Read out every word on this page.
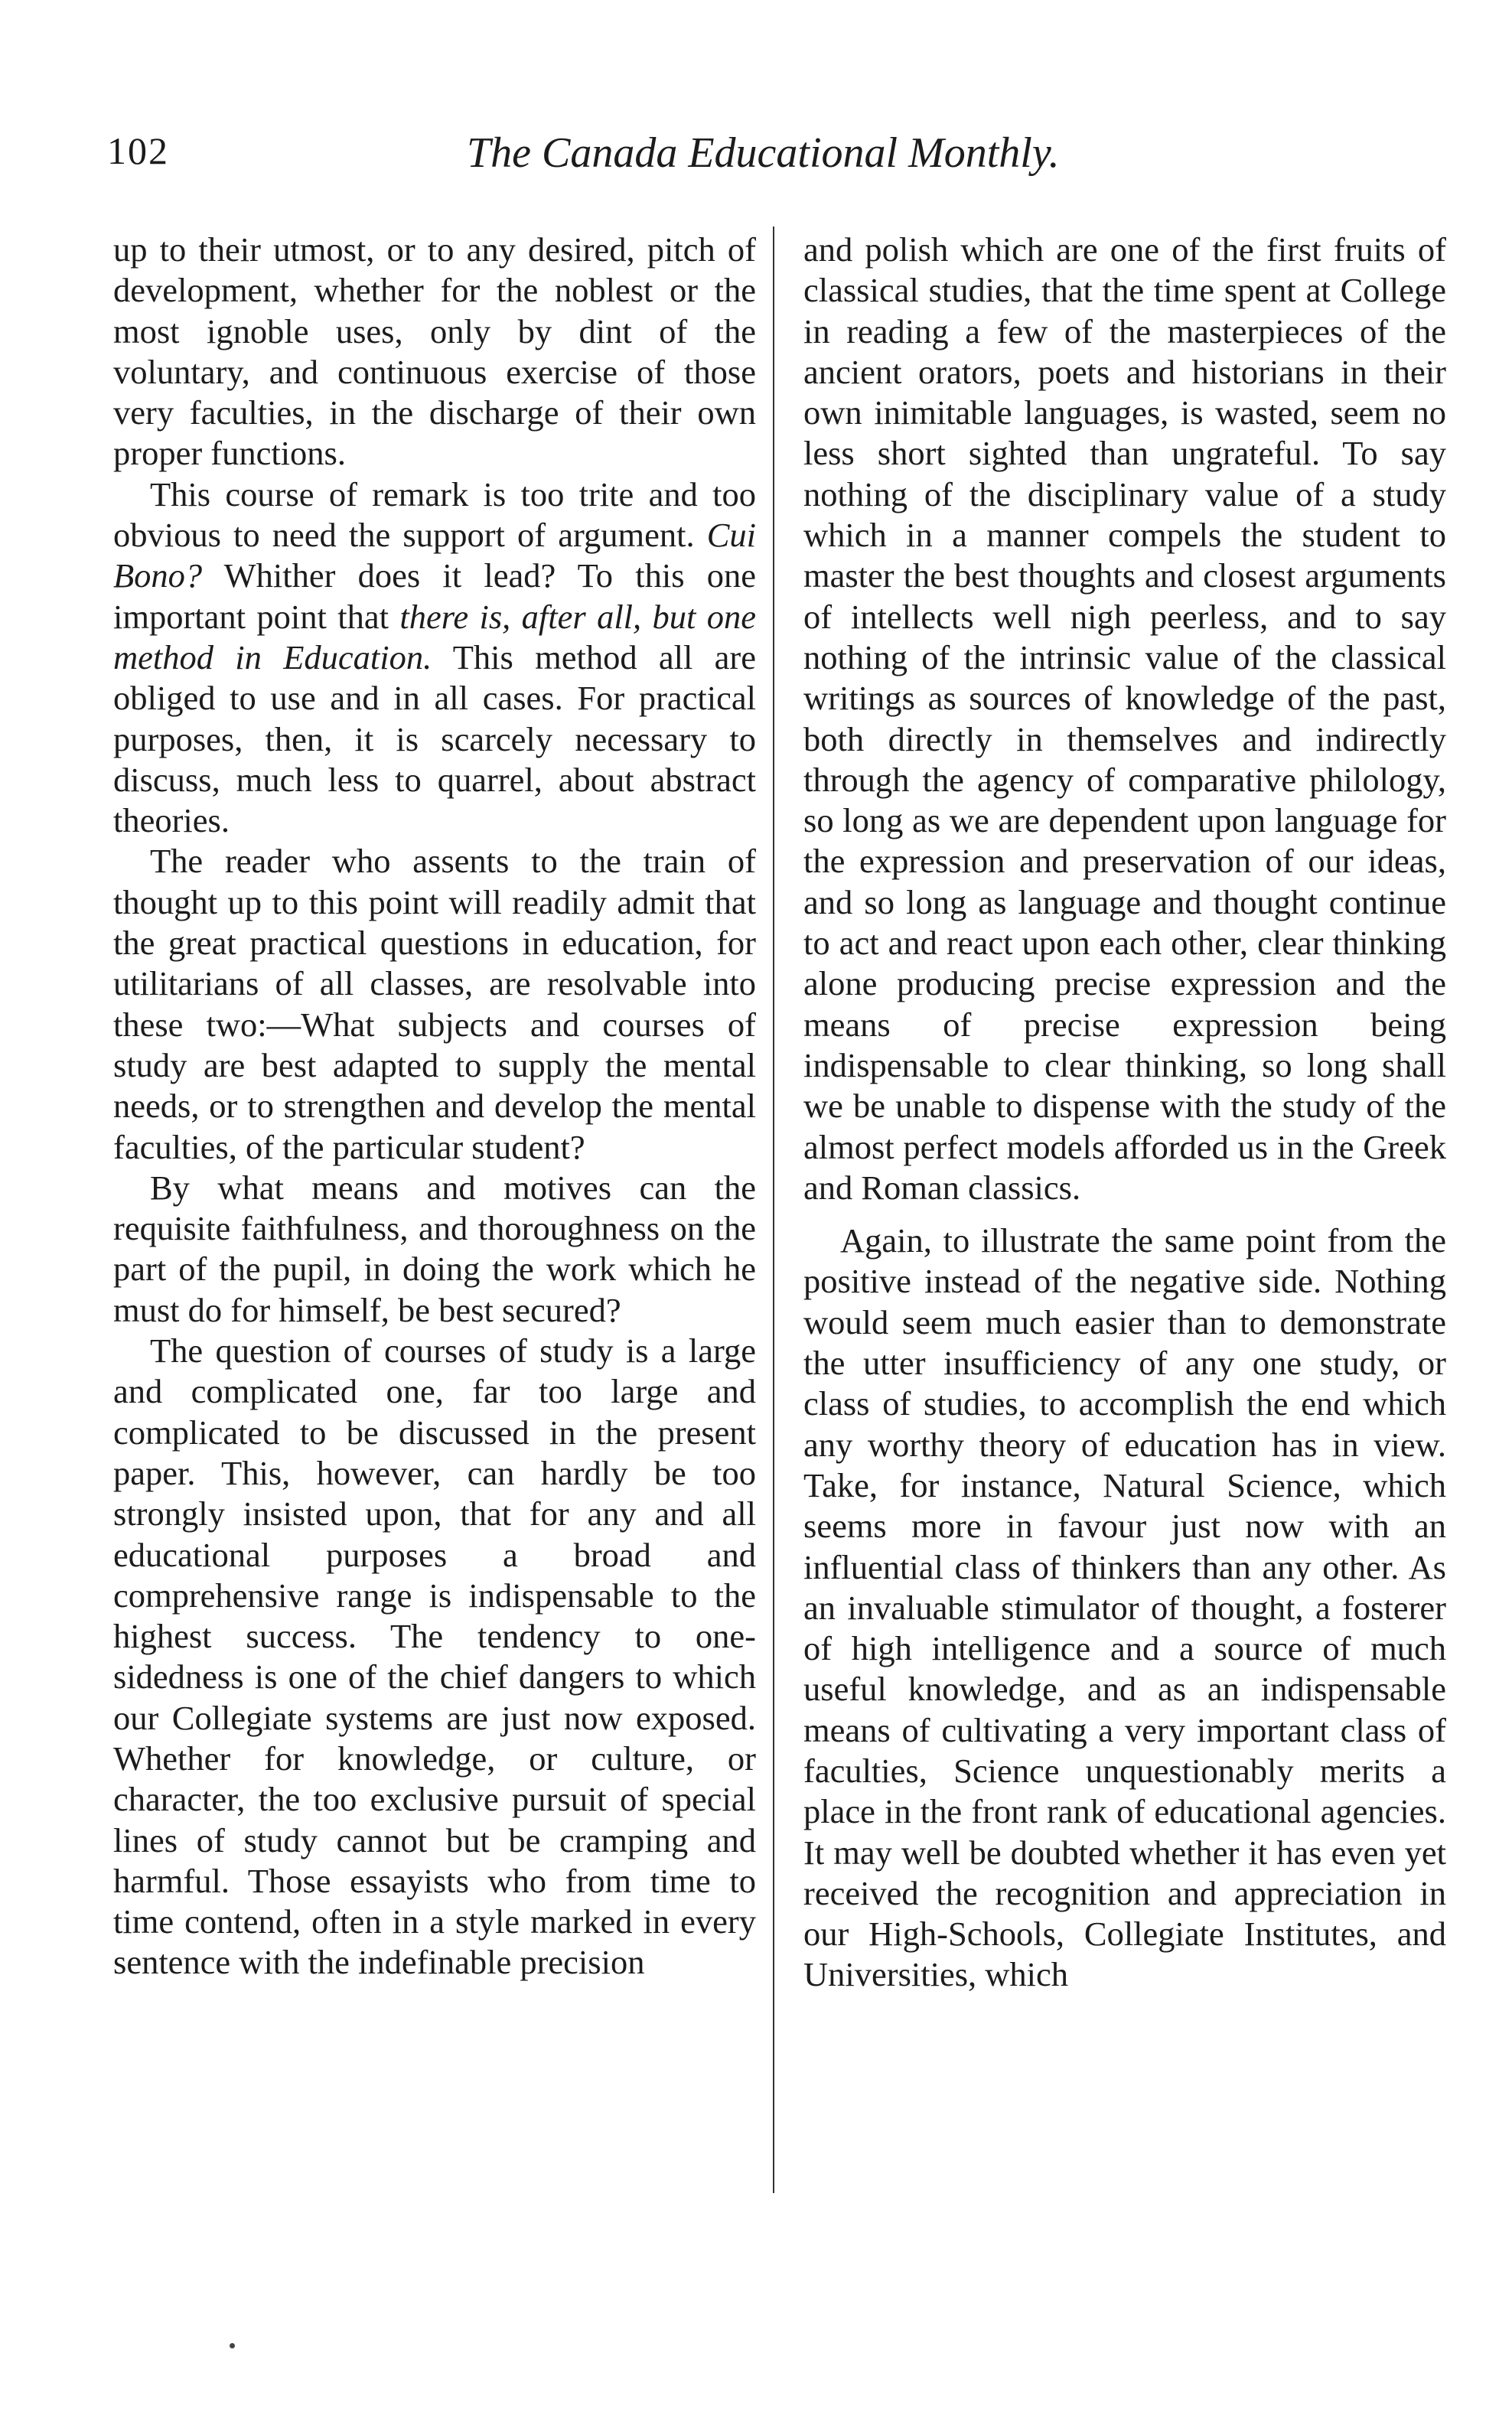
102	The Canada Educational Monthly.

up to their utmost, or to any desired, pitch of development, whether for the noblest or the most ignoble uses, only by dint of the voluntary, and continuous exercise of those very faculties, in the discharge of their own proper functions.

This course of remark is too trite and too obvious to need the support of argument. Cui Bono? Whither does it lead? To this one important point that there is, after all, but one method in Education. This method all are obliged to use and in all cases. For practical purposes, then, it is scarcely necessary to discuss, much less to quarrel, about abstract theories.

The reader who assents to the train of thought up to this point will readily admit that the great practical questions in education, for utilitarians of all classes, are resolvable into these two:—What subjects and courses of study are best adapted to supply the mental needs, or to strengthen and develop the mental faculties, of the particular student?

By what means and motives can the requisite faithfulness, and thoroughness on the part of the pupil, in doing the work which he must do for himself, be best secured?

The question of courses of study is a large and complicated one, far too large and complicated to be discussed in the present paper. This, however, can hardly be too strongly insisted upon, that for any and all educational purposes a broad and comprehensive range is indispensable to the highest success. The tendency to one-sidedness is one of the chief dangers to which our Collegiate systems are just now exposed. Whether for knowledge, or culture, or character, the too exclusive pursuit of special lines of study cannot but be cramping and harmful. Those essayists who from time to time contend, often in a style marked in every sentence with the indefinable precision

and polish which are one of the first fruits of classical studies, that the time spent at College in reading a few of the masterpieces of the ancient orators, poets and historians in their own inimitable languages, is wasted, seem no less short sighted than ungrateful. To say nothing of the disciplinary value of a study which in a manner compels the student to master the best thoughts and closest arguments of intellects well nigh peerless, and to say nothing of the intrinsic value of the classical writings as sources of knowledge of the past, both directly in themselves and indirectly through the agency of comparative philology, so long as we are dependent upon language for the expression and preservation of our ideas, and so long as language and thought continue to act and react upon each other, clear thinking alone producing precise expression and the means of precise expression being indispensable to clear thinking, so long shall we be unable to dispense with the study of the almost perfect models afforded us in the Greek and Roman classics.

Again, to illustrate the same point from the positive instead of the negative side. Nothing would seem much easier than to demonstrate the utter insufficiency of any one study, or class of studies, to accomplish the end which any worthy theory of education has in view. Take, for instance, Natural Science, which seems more in favour just now with an influential class of thinkers than any other. As an invaluable stimulator of thought, a fosterer of high intelligence and a source of much useful knowledge, and as an indispensable means of cultivating a very important class of faculties, Science unquestionably merits a place in the front rank of educational agencies. It may well be doubted whether it has even yet received the recognition and appreciation in our High-Schools, Collegiate Institutes, and Universities, which
